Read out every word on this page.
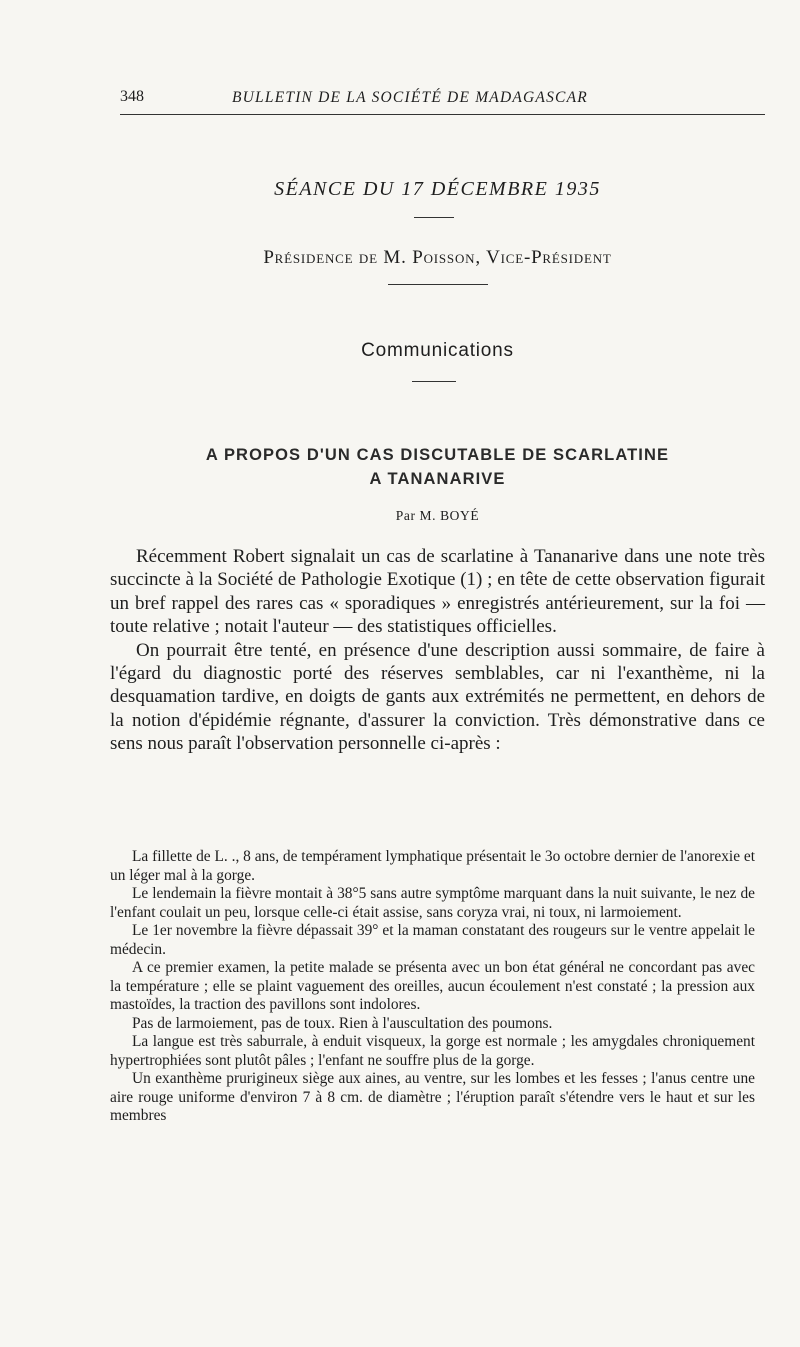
348	BULLETIN DE LA SOCIÉTÉ DE MADAGASCAR
SÉANCE DU 17 DÉCEMBRE 1935
Présidence de M. Poisson, Vice-Président
Communications
A PROPOS D'UN CAS DISCUTABLE DE SCARLATINE
A TANANARIVE
Par M. BOYÉ

Récemment Robert signalait un cas de scarlatine à Tananarive dans une note très succincte à la Société de Pathologie Exotique (1) ; en tête de cette observation figurait un bref rappel des rares cas « sporadiques » enregistrés antérieurement, sur la foi — toute relative ; notait l'auteur — des statistiques officielles.

On pourrait être tenté, en présence d'une description aussi sommaire, de faire à l'égard du diagnostic porté des réserves semblables, car ni l'exanthème, ni la desquamation tardive, en doigts de gants aux extrémités ne permettent, en dehors de la notion d'épidémie régnante, d'assurer la conviction. Très démonstrative dans ce sens nous paraît l'observation personnelle ci-après :

La fillette de L. ., 8 ans, de tempérament lymphatique présentait le 3o octobre dernier de l'anorexie et un léger mal à la gorge.

Le lendemain la fièvre montait à 38°5 sans autre symptôme marquant dans la nuit suivante, le nez de l'enfant coulait un peu, lorsque celle-ci était assise, sans coryza vrai, ni toux, ni larmoiement.

Le 1er novembre la fièvre dépassait 39° et la maman constatant des rougeurs sur le ventre appelait le médecin.

A ce premier examen, la petite malade se présenta avec un bon état général ne concordant pas avec la température ; elle se plaint vaguement des oreilles, aucun écoulement n'est constaté ; la pression aux mastoïdes, la traction des pavillons sont indolores.

Pas de larmoiement, pas de toux. Rien à l'auscultation des poumons.

La langue est très saburrale, à enduit visqueux, la gorge est normale ; les amygdales chroniquement hypertrophiées sont plutôt pâles ; l'enfant ne souffre plus de la gorge.

Un exanthème prurigineux siège aux aines, au ventre, sur les lombes et les fesses ; l'anus centre une aire rouge uniforme d'environ 7 à 8 cm. de diamètre ; l'éruption paraît s'étendre vers le haut et sur les membres
